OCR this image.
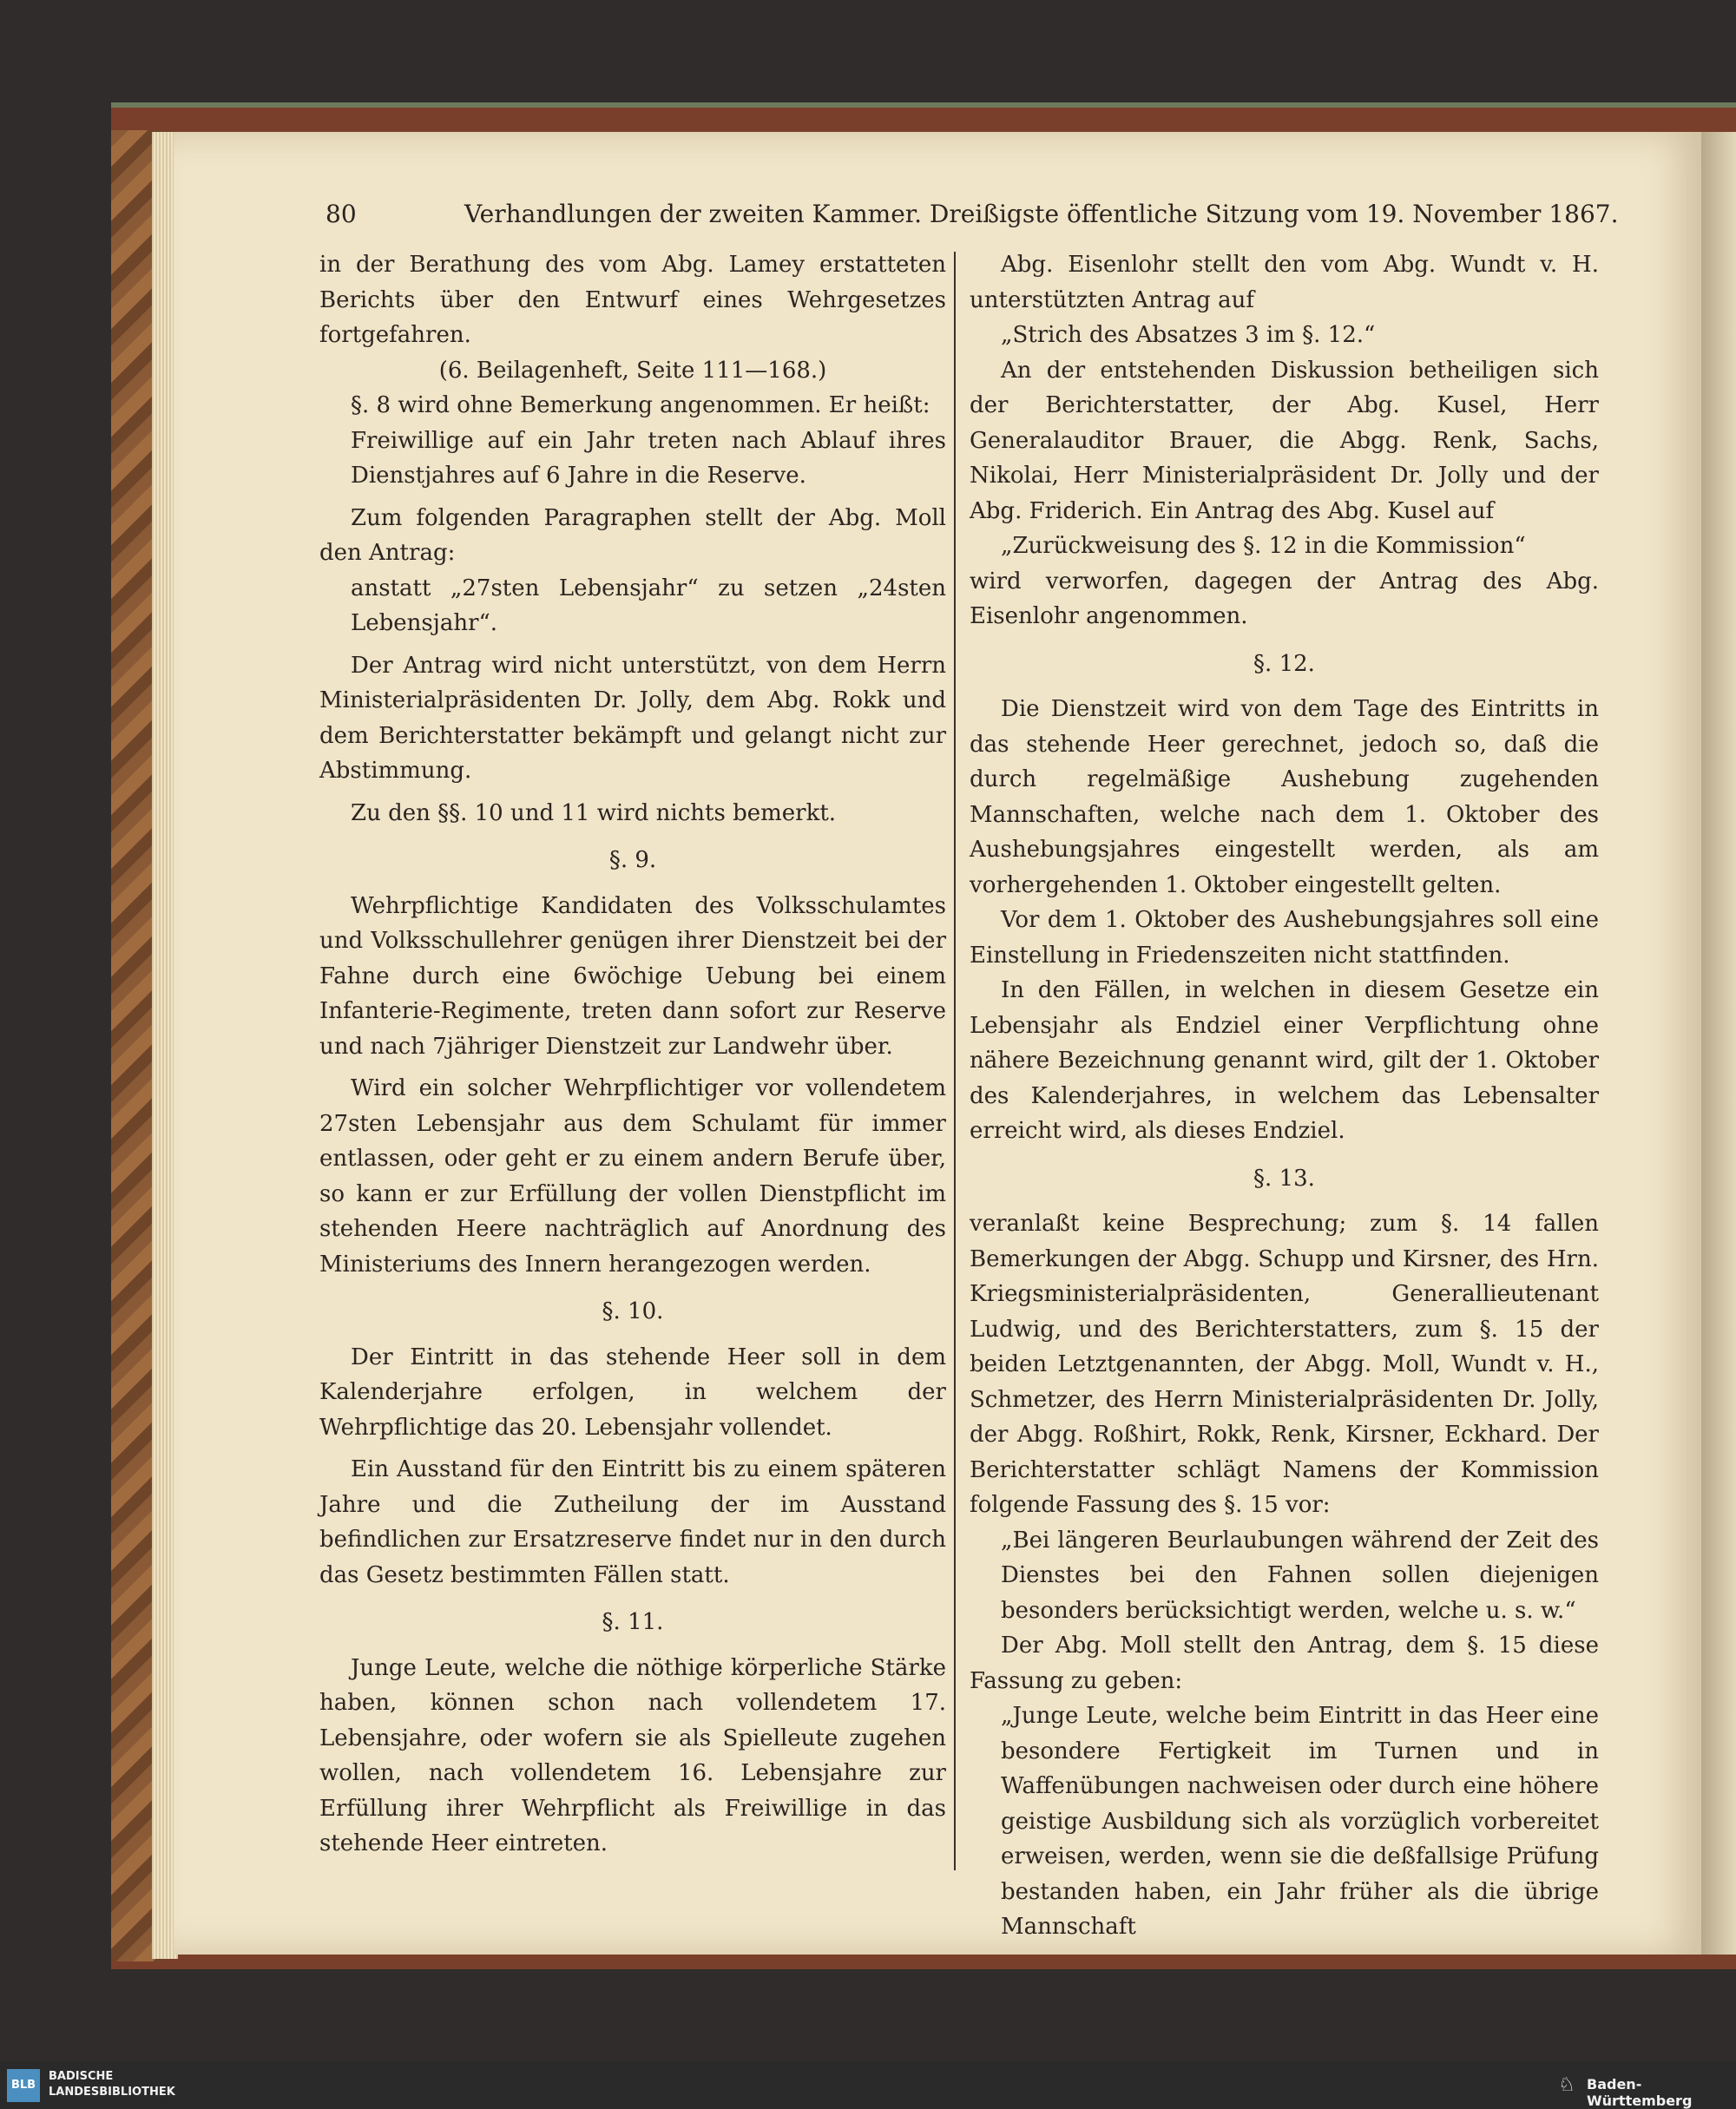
80	Verhandlungen der zweiten Kammer. Dreißigste öffentliche Sitzung vom 19. November 1867.

in der Berathung des vom Abg. Lamey erstatteten Berichts über den Entwurf eines Wehrgesetzes fortgefahren.

(6. Beilagenheft, Seite 111—168.)

§. 8 wird ohne Bemerkung angenommen. Er heißt:

Freiwillige auf ein Jahr treten nach Ablauf ihres Dienstjahres auf 6 Jahre in die Reserve.

Zum folgenden Paragraphen stellt der Abg. Moll den Antrag:

anstatt „27sten Lebensjahr“ zu setzen „24sten Lebensjahr“.

Der Antrag wird nicht unterstützt, von dem Herrn Ministerialpräsidenten Dr. Jolly, dem Abg. Rokk und dem Berichterstatter bekämpft und gelangt nicht zur Abstimmung.

Zu den §§. 10 und 11 wird nichts bemerkt.

§. 9.

Wehrpflichtige Kandidaten des Volksschulamtes und Volksschullehrer genügen ihrer Dienstzeit bei der Fahne durch eine 6wöchige Uebung bei einem Infanterie-Regimente, treten dann sofort zur Reserve und nach 7jähriger Dienstzeit zur Landwehr über.

Wird ein solcher Wehrpflichtiger vor vollendetem 27sten Lebensjahr aus dem Schulamt für immer entlassen, oder geht er zu einem andern Berufe über, so kann er zur Erfüllung der vollen Dienstpflicht im stehenden Heere nachträglich auf Anordnung des Ministeriums des Innern herangezogen werden.

§. 10.

Der Eintritt in das stehende Heer soll in dem Kalenderjahre erfolgen, in welchem der Wehrpflichtige das 20. Lebensjahr vollendet.

Ein Ausstand für den Eintritt bis zu einem späteren Jahre und die Zutheilung der im Ausstand befindlichen zur Ersatzreserve findet nur in den durch das Gesetz bestimmten Fällen statt.

§. 11.

Junge Leute, welche die nöthige körperliche Stärke haben, können schon nach vollendetem 17. Lebensjahre, oder wofern sie als Spielleute zugehen wollen, nach vollendetem 16. Lebensjahre zur Erfüllung ihrer Wehrpflicht als Freiwillige in das stehende Heer eintreten.

Abg. Eisenlohr stellt den vom Abg. Wundt v. H. unterstützten Antrag auf

„Strich des Absatzes 3 im §. 12.“

An der entstehenden Diskussion betheiligen sich der Berichterstatter, der Abg. Kusel, Herr Generalauditor Brauer, die Abgg. Renk, Sachs, Nikolai, Herr Ministerialpräsident Dr. Jolly und der Abg. Friderich. Ein Antrag des Abg. Kusel auf

„Zurückweisung des §. 12 in die Kommission“

wird verworfen, dagegen der Antrag des Abg. Eisenlohr angenommen.

§. 12.

Die Dienstzeit wird von dem Tage des Eintritts in das stehende Heer gerechnet, jedoch so, daß die durch regelmäßige Aushebung zugehenden Mannschaften, welche nach dem 1. Oktober des Aushebungsjahres eingestellt werden, als am vorhergehenden 1. Oktober eingestellt gelten.

Vor dem 1. Oktober des Aushebungsjahres soll eine Einstellung in Friedenszeiten nicht stattfinden.

In den Fällen, in welchen in diesem Gesetze ein Lebensjahr als Endziel einer Verpflichtung ohne nähere Bezeichnung genannt wird, gilt der 1. Oktober des Kalenderjahres, in welchem das Lebensalter erreicht wird, als dieses Endziel.

§. 13.

veranlaßt keine Besprechung; zum §. 14 fallen Bemerkungen der Abgg. Schupp und Kirsner, des Hrn. Kriegsministerialpräsidenten, Generallieutenant Ludwig, und des Berichterstatters, zum §. 15 der beiden Letztgenannten, der Abgg. Moll, Wundt v. H., Schmetzer, des Herrn Ministerialpräsidenten Dr. Jolly, der Abgg. Roßhirt, Rokk, Renk, Kirsner, Eckhard. Der Berichterstatter schlägt Namens der Kommission folgende Fassung des §. 15 vor:

„Bei längeren Beurlaubungen während der Zeit des Dienstes bei den Fahnen sollen diejenigen besonders berücksichtigt werden, welche u. s. w.“

Der Abg. Moll stellt den Antrag, dem §. 15 diese Fassung zu geben:

„Junge Leute, welche beim Eintritt in das Heer eine besondere Fertigkeit im Turnen und in Waffenübungen nachweisen oder durch eine höhere geistige Ausbildung sich als vorzüglich vorbereitet erweisen, werden, wenn sie die deßfallsige Prüfung bestanden haben, ein Jahr früher als die übrige Mannschaft

BLB
BADISCHE
LANDESBIBLIOTHEK	♘ Baden-Württemberg
